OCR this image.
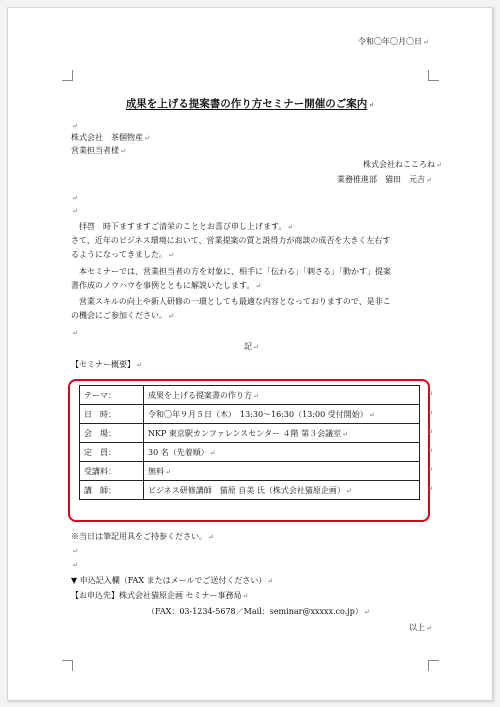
令和〇年〇月〇日↵
成果を上げる提案書の作り方セミナー開催のご案内↵
↵
株式会社　茶個物産↵
営業担当者様↵
株式会社ねこころね↵
業務推進部　猫田　元吉↵
↵
↵
　拝啓　時下ますますご清栄のこととお喜び申し上げます。↵
さて、近年のビジネス環境において、営業提案の質と説得力が商談の成否を大きく左右す
るようになってきました。↵
　本セミナーでは、営業担当者の方を対象に、相手に「伝わる」「刺さる」「動かす」提案
書作成のノウハウを事例とともに解説いたします。↵
　営業スキルの向上や新人研修の一環としても最適な内容となっておりますので、是非こ
の機会にご参加ください。↵
↵
記↵
【セミナー概要】↵
テーマ：	成果を上げる提案書の作り方↵ ↵

日　時：	令和〇年９月５日（木）　13:30～16:30（13:00 受付開始）↵ ↵

会　場：	NKP 東京駅カンファレンスセンター ４階 第３会議室↵ ↵

定　員：	30 名（先着順）↵ ↵

受講料：	無料↵ ↵

講　師：	ビジネス研修講師　猫原 自美 氏（株式会社猫原企画）↵ ↵
※当日は筆記用具をご持参ください。↵
↵
↵
▼ 申込記入欄（FAX またはメールでご送付ください）↵
【お申込先】株式会社猫原企画 セミナー事務局↵
（FAX：03-1234-5678／Mail：seminar@xxxxx.co.jp）↵
以上↵
